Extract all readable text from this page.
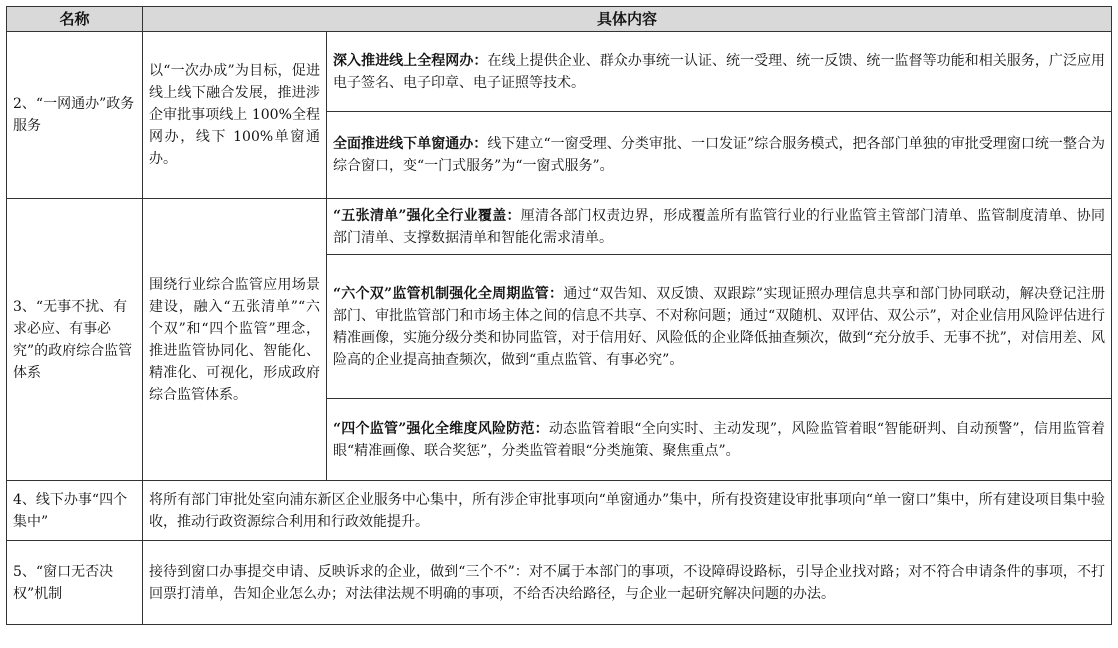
名称	具体内容	
2、“一网通办”政务服务	以“一次办成”为目标，促进线上线下融合发展，推进涉企审批事项线上 100%全程网办，线下 100%单窗通办。	深入推进线上全程网办：在线上提供企业、群众办事统一认证、统一受理、统一反馈、统一监督等功能和相关服务，广泛应用电子签名、电子印章、电子证照等技术。
		全面推进线下单窗通办：线下建立“一窗受理、分类审批、一口发证”综合服务模式，把各部门单独的审批受理窗口统一整合为综合窗口，变“一门式服务”为“一窗式服务”。
3、“无事不扰、有求必应、有事必究”的政府综合监管体系	围绕行业综合监管应用场景建设，融入“五张清单”“六个双”和“四个监管”理念，推进监管协同化、智能化、精准化、可视化，形成政府综合监管体系。	“五张清单”强化全行业覆盖：厘清各部门权责边界，形成覆盖所有监管行业的行业监管主管部门清单、监管制度清单、协同部门清单、支撑数据清单和智能化需求清单。
		“六个双”监管机制强化全周期监管：通过“双告知、双反馈、双跟踪”实现证照办理信息共享和部门协同联动，解决登记注册部门、审批监管部门和市场主体之间的信息不共享、不对称问题；通过“双随机、双评估、双公示”，对企业信用风险评估进行精准画像，实施分级分类和协同监管，对于信用好、风险低的企业降低抽查频次，做到“充分放手、无事不扰”，对信用差、风险高的企业提高抽查频次，做到“重点监管、有事必究”。
		“四个监管”强化全维度风险防范：动态监管着眼“全向实时、主动发现”，风险监管着眼“智能研判、自动预警”，信用监管着眼“精准画像、联合奖惩”，分类监管着眼“分类施策、聚焦重点”。
4、线下办事“四个集中”	将所有部门审批处室向浦东新区企业服务中心集中，所有涉企审批事项向“单窗通办”集中，所有投资建设审批事项向“单一窗口”集中，所有建设项目集中验收，推动行政资源综合利用和行政效能提升。	
5、“窗口无否决权”机制	接待到窗口办事提交申请、反映诉求的企业，做到“三个不”：对不属于本部门的事项，不设障碍设路标，引导企业找对路；对不符合申请条件的事项，不打回票打清单，告知企业怎么办；对法律法规不明确的事项，不给否决给路径，与企业一起研究解决问题的办法。	
